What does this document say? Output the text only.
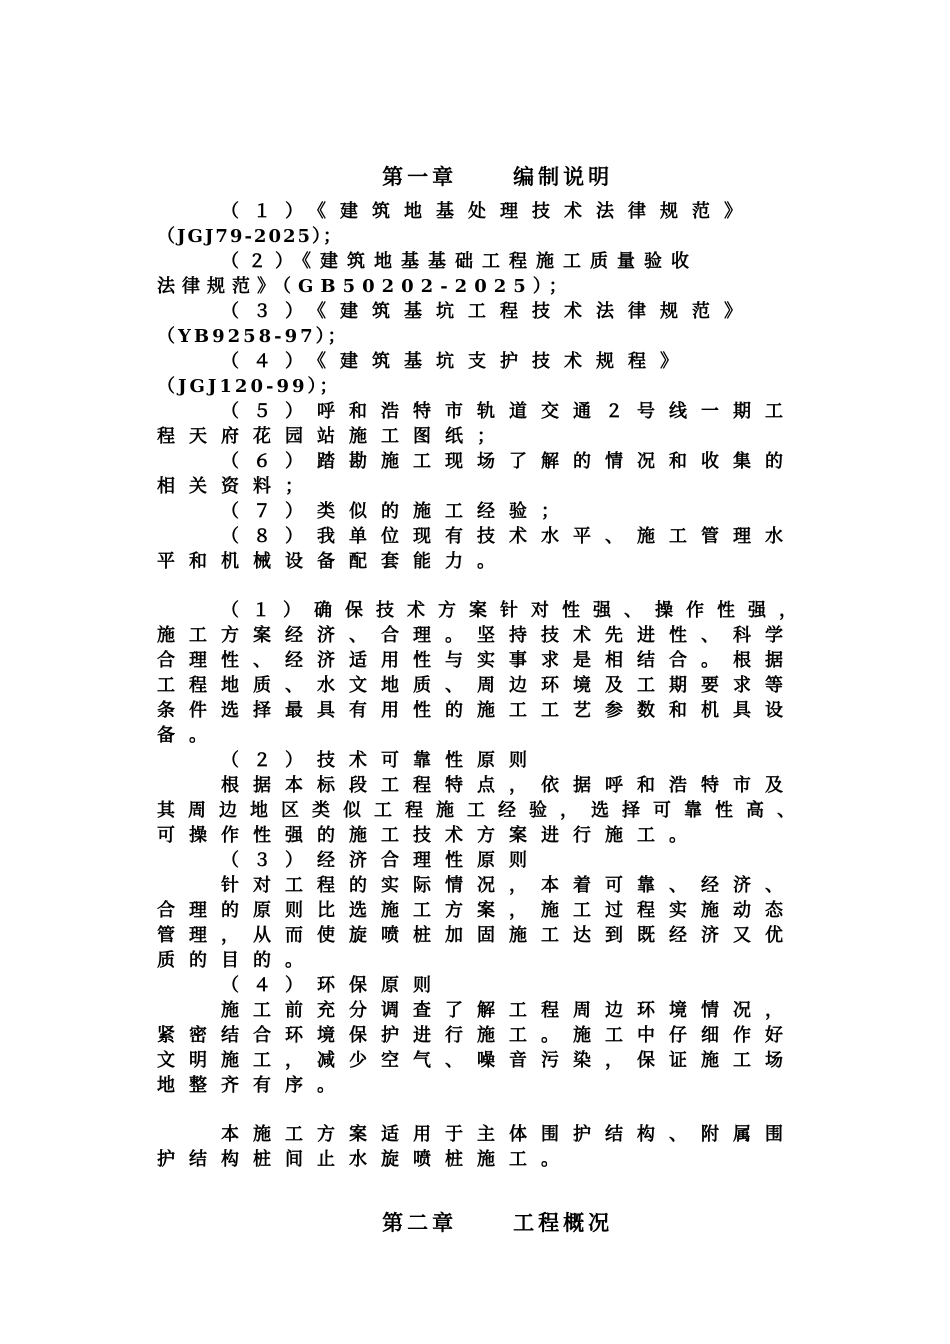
第一章	编制说明

（１）《建筑地基处理技术法律规范》
（JGJ79-2025）；
（２）《建筑地基基础工程施工质量验收
法律规范》（GB50202-2025）；
（３）《建筑基坑工程技术法律规范》
（YB9258-97）；
（４）《建筑基坑支护技术规程》
（JGJ120-99）；
（５）呼和浩特市轨道交通２号线一期工
程天府花园站施工图纸；
（６）踏勘施工现场了解的情况和收集的
相关资料；
（７）类似的施工经验；
（８）我单位现有技术水平、施工管理水
平和机械设备配套能力。
（１）确保技术方案针对性强、操作性强，
施工方案经济、合理。坚持技术先进性、科学
合理性、经济适用性与实事求是相结合。根据
工程地质、水文地质、周边环境及工期要求等
条件选择最具有用性的施工工艺参数和机具设
备。
（２）技术可靠性原则
根据本标段工程特点，依据呼和浩特市及
其周边地区类似工程施工经验，选择可靠性高、
可操作性强的施工技术方案进行施工。
（３）经济合理性原则
针对工程的实际情况，本着可靠、经济、
合理的原则比选施工方案，施工过程实施动态
管理，从而使旋喷桩加固施工达到既经济又优
质的目的。
（４）环保原则
施工前充分调查了解工程周边环境情况，
紧密结合环境保护进行施工。施工中仔细作好
文明施工，减少空气、噪音污染，保证施工场
地整齐有序。
本施工方案适用于主体围护结构、附属围
护结构桩间止水旋喷桩施工。

第二章	工程概况
